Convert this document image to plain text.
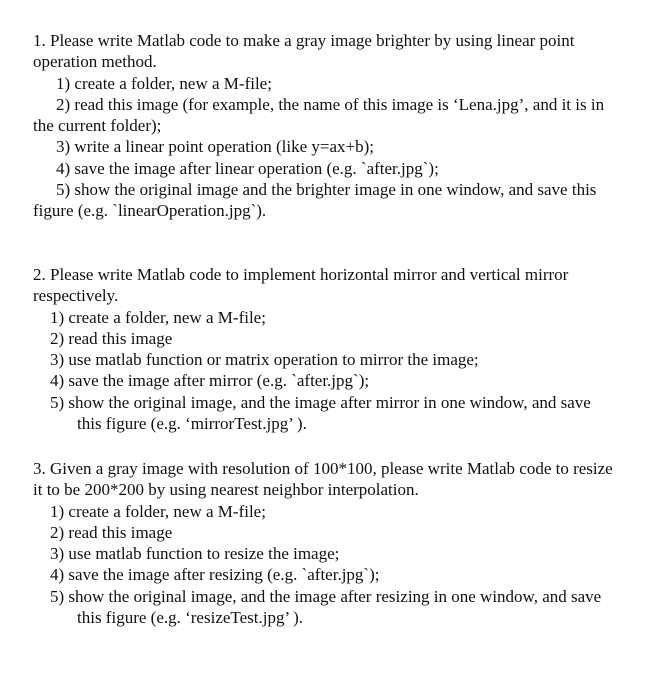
1. Please write Matlab code to make a gray image brighter by using linear point operation method.

1) create a folder, new a M-file;
2) read this image (for example, the name of this image is ‘Lena.jpg’, and it is in the current folder);
3) write a linear point operation (like y=ax+b);
4) save the image after linear operation (e.g. `after.jpg`);
5) show the original image and the brighter image in one window, and save this figure (e.g. `linearOperation.jpg`).

2. Please write Matlab code to implement horizontal mirror and vertical mirror respectively.

1) create a folder, new a M-file;
2) read this image
3) use matlab function or matrix operation to mirror the image;
4) save the image after mirror (e.g. `after.jpg`);
5) show the original image, and the image after mirror in one window, and save this figure (e.g. ‘mirrorTest.jpg’ ).

3. Given a gray image with resolution of 100*100, please write Matlab code to resize it to be 200*200 by using nearest neighbor interpolation.

1) create a folder, new a M-file;
2) read this image
3) use matlab function to resize the image;
4) save the image after resizing (e.g. `after.jpg`);
5) show the original image, and the image after resizing in one window, and save this figure (e.g. ‘resizeTest.jpg’ ).
